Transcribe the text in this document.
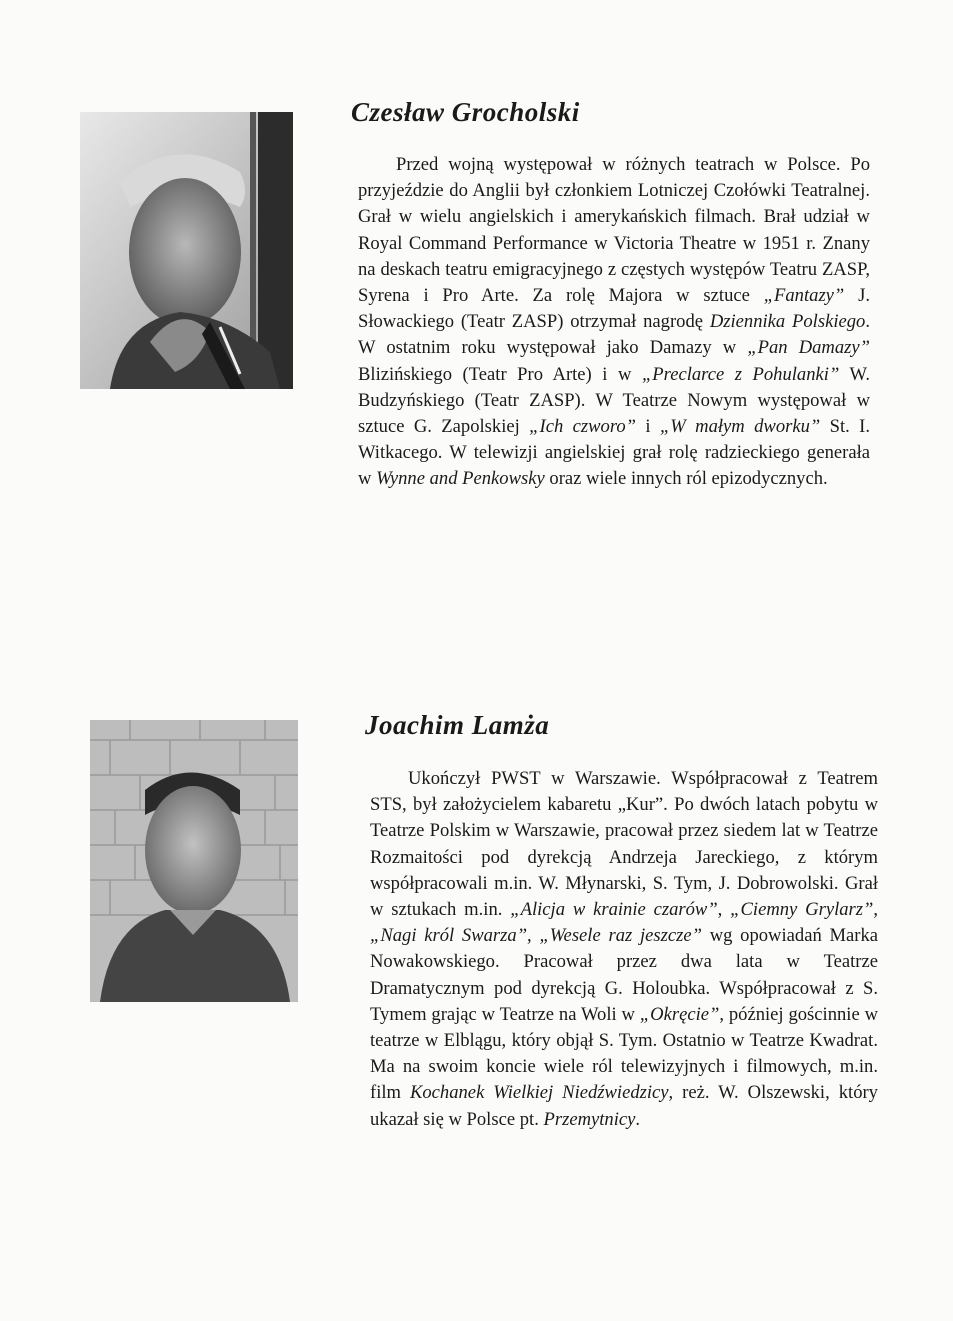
Czesław Grocholski

Przed wojną występował w różnych teatrach w Polsce. Po przyjeździe do Anglii był członkiem Lotniczej Czołówki Teatralnej. Grał w wielu angielskich i amerykańskich filmach. Brał udział w Royal Command Performance w Victoria Theatre w 1951 r. Znany na deskach teatru emigracyjnego z częstych występów Teatru ZASP, Syrena i Pro Arte. Za rolę Majora w sztuce „Fantazy” J. Słowackiego (Teatr ZASP) otrzymał nagrodę Dziennika Polskiego. W ostatnim roku występował jako Damazy w „Pan Damazy” Blizińskiego (Teatr Pro Arte) i w „Preclarce z Pohulanki” W. Budzyńskiego (Teatr ZASP). W Teatrze Nowym występował w sztuce G. Zapolskiej „Ich czworo” i „W małym dworku” St. I. Witkacego. W telewizji angielskiej grał rolę radzieckiego generała w Wynne and Penkowsky oraz wiele innych ról epizodycznych.

Joachim Lamża

Ukończył PWST w Warszawie. Współpracował z Teatrem STS, był założycielem kabaretu „Kur”. Po dwóch latach pobytu w Teatrze Polskim w Warszawie, pracował przez siedem lat w Teatrze Rozmaitości pod dyrekcją Andrzeja Jareckiego, z którym współpracowali m.in. W. Młynarski, S. Tym, J. Dobrowolski. Grał w sztukach m.in. „Alicja w krainie czarów”, „Ciemny Grylarz”, „Nagi król Swarza”, „Wesele raz jeszcze” wg opowiadań Marka Nowakowskiego. Pracował przez dwa lata w Teatrze Dramatycznym pod dyrekcją G. Holoubka. Współpracował z S. Tymem grając w Teatrze na Woli w „Okręcie”, później gościnnie w teatrze w Elblągu, który objął S. Tym. Ostatnio w Teatrze Kwadrat. Ma na swoim koncie wiele ról telewizyjnych i filmowych, m.in. film Kochanek Wielkiej Niedźwiedzicy, reż. W. Olszewski, który ukazał się w Polsce pt. Przemytnicy.
